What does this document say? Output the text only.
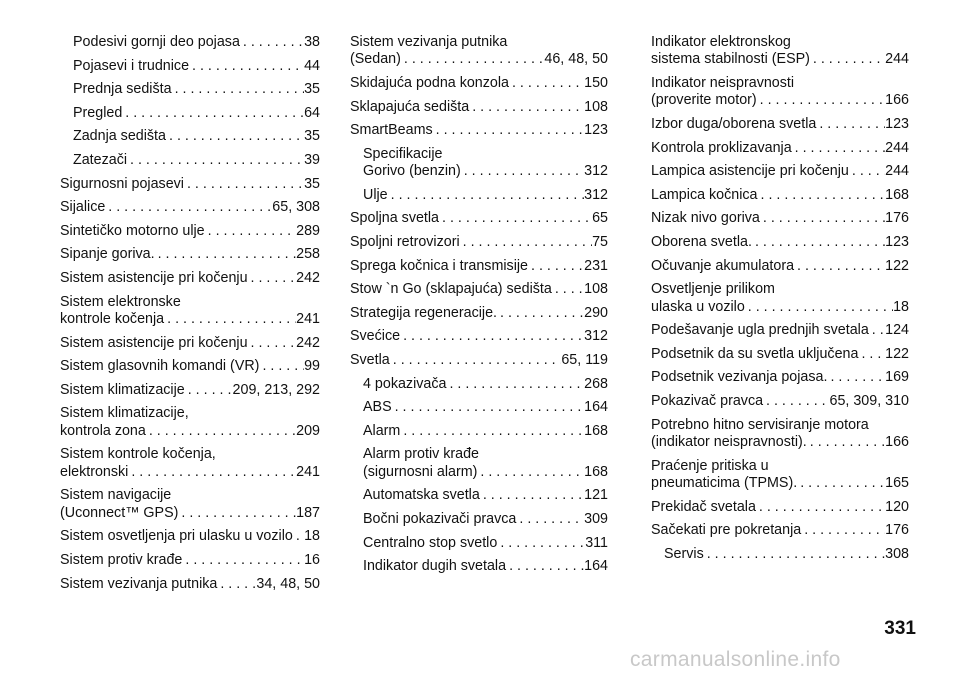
Podesivi gornji deo pojasa . . .	38
Pojasevi i trudnice . . .	44
Prednja sedišta . . .	35
Pregled . . .	64
Zadnja sedišta . . .	35
Zatezači . . .	39
Sigurnosni pojasevi . . .	35
Sijalice . . .	65, 308
Sintetičko motorno ulje . . .	289
Sipanje goriva. . . .	258
Sistem asistencije pri kočenju . . .	242
Sistem elektronske
kontrole kočenja . . .	241
Sistem asistencije pri kočenju . . .	242
Sistem glasovnih komandi (VR) . . .	99
Sistem klimatizacije . . .	209, 213, 292
Sistem klimatizacije,
kontrola zona . . .	209
Sistem kontrole kočenja,
elektronski . . .	241
Sistem navigacije
(Uconnect™ GPS) . . .	187
Sistem osvetljenja pri ulasku u vozilo . . . 18
Sistem protiv krađe . . .	16
Sistem vezivanja putnika . . .	34, 48, 50
Sistem vezivanja putnika
(Sedan) . . .	46, 48, 50
Skidajuća podna konzola . . .	150
Sklapajuća sedišta . . .	108
SmartBeams . . .	123
Specifikacije
Gorivo (benzin) . . .	312
Ulje . . .	312
Spoljna svetla . . .	65
Spoljni retrovizori . . .	75
Sprega kočnica i transmisije . . .	231
Stow `n Go (sklapajuća) sedišta . . . 108
Strategija regeneracije. . . .	290
Svećice . . .	312
Svetla . . .	65, 119
4 pokazivača . . .	268
ABS . . .	164
Alarm . . .	168
Alarm protiv krađe
(sigurnosni alarm) . . .	168
Automatska svetla . . .	121
Bočni pokazivači pravca . . .	309
Centralno stop svetlo . . .	311
Indikator dugih svetala . . .	164
Indikator elektronskog
sistema stabilnosti (ESP) . . .	244
Indikator neispravnosti
(proverite motor) . . .	166
Izbor duga/oborena svetla . . .	123
Kontrola proklizavanja . . .	244
Lampica asistencije pri kočenju . . .	244
Lampica kočnica . . .	168
Nizak nivo goriva . . .	176
Oborena svetla. . . .	123
Očuvanje akumulatora . . .	122
Osvetljenje prilikom
ulaska u vozilo . . .	18
Podešavanje ugla prednjih svetala . . . 124
Podsetnik da su svetla uključena . . . 122
Podsetnik vezivanja pojasa. . . .	169
Pokazivač pravca . . .	65, 309, 310
Potrebno hitno servisiranje motora
(indikator neispravnosti). . . .	166
Praćenje pritiska u
pneumaticima (TPMS). . . .	165
Prekidač svetala . . .	120
Sačekati pre pokretanja . . .	176
Servis . . .	308
331
carmanualsonline.info
